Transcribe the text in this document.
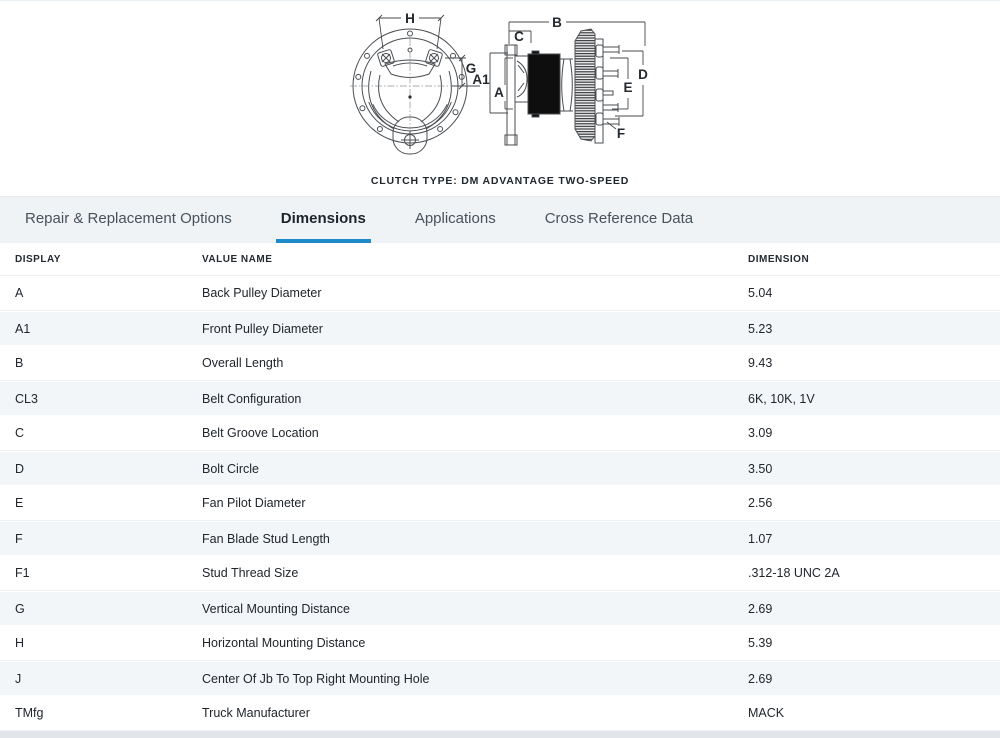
H
G
A1
A
B
C
D
E
F
CLUTCH TYPE: DM ADVANTAGE TWO-SPEED
Repair & Replacement Options	Dimensions	Applications	Cross Reference Data
DISPLAY	VALUE NAME	DIMENSION
A	Back Pulley Diameter	5.04
A1	Front Pulley Diameter	5.23
B	Overall Length	9.43
CL3	Belt Configuration	6K, 10K, 1V
C	Belt Groove Location	3.09
D	Bolt Circle	3.50
E	Fan Pilot Diameter	2.56
F	Fan Blade Stud Length	1.07
F1	Stud Thread Size	.312-18 UNC 2A
G	Vertical Mounting Distance	2.69
H	Horizontal Mounting Distance	5.39
J	Center Of Jb To Top Right Mounting Hole	2.69
TMfg	Truck Manufacturer	MACK
